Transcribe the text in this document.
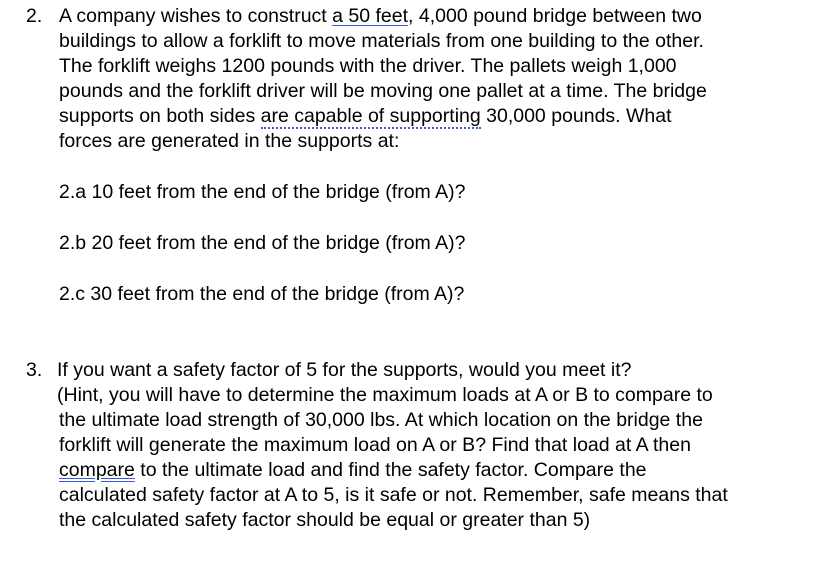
2. A company wishes to construct a 50 feet, 4,000 pound bridge between two
buildings to allow a forklift to move materials from one building to the other.
The forklift weighs 1200 pounds with the driver. The pallets weigh 1,000
pounds and the forklift driver will be moving one pallet at a time. The bridge
supports on both sides are capable of supporting 30,000 pounds. What
forces are generated in the supports at:
2.a 10 feet from the end of the bridge (from A)?
2.b 20 feet from the end of the bridge (from A)?
2.c 30 feet from the end of the bridge (from A)?
3. If you want a safety factor of 5 for the supports, would you meet it?
(Hint, you will have to determine the maximum loads at A or B to compare to
the ultimate load strength of 30,000 lbs. At which location on the bridge the
forklift will generate the maximum load on A or B? Find that load at A then
compare to the ultimate load and find the safety factor. Compare the
calculated safety factor at A to 5, is it safe or not. Remember, safe means that
the calculated safety factor should be equal or greater than 5)
